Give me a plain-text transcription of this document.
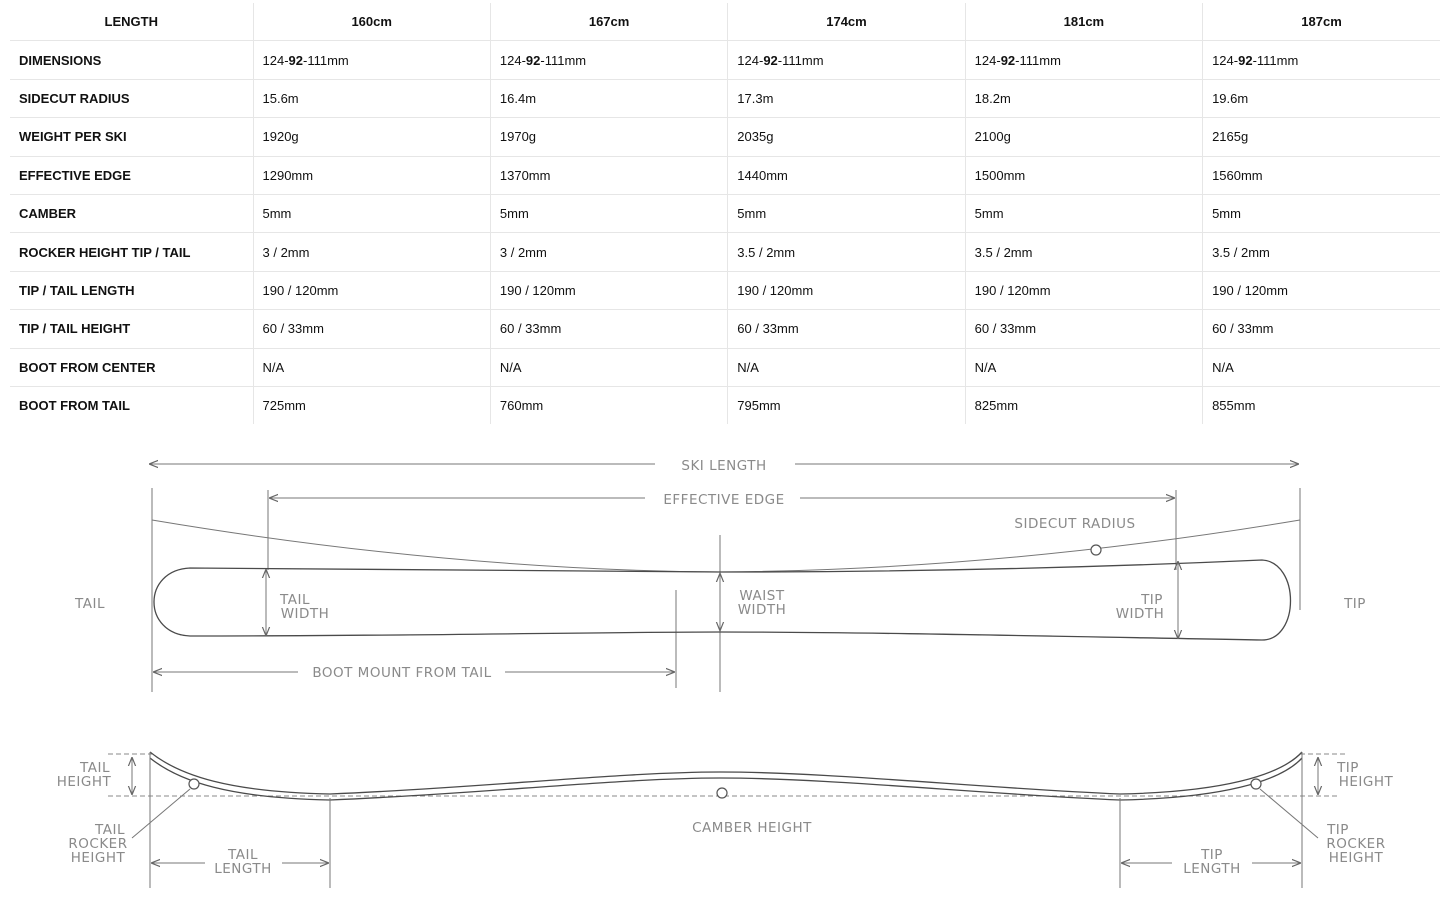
LENGTH	160cm	167cm	174cm	181cm	187cm
DIMENSIONS	124-92-111mm	124-92-111mm	124-92-111mm	124-92-111mm	124-92-111mm
SIDECUT RADIUS	15.6m	16.4m	17.3m	18.2m	19.6m
WEIGHT PER SKI	1920g	1970g	2035g	2100g	2165g
EFFECTIVE EDGE	1290mm	1370mm	1440mm	1500mm	1560mm
CAMBER	5mm	5mm	5mm	5mm	5mm
ROCKER HEIGHT TIP / TAIL	3 / 2mm	3 / 2mm	3.5 / 2mm	3.5 / 2mm	3.5 / 2mm
TIP / TAIL LENGTH	190 / 120mm	190 / 120mm	190 / 120mm	190 / 120mm	190 / 120mm
TIP / TAIL HEIGHT	60 / 33mm	60 / 33mm	60 / 33mm	60 / 33mm	60 / 33mm
BOOT FROM CENTER	N/A	N/A	N/A	N/A	N/A
BOOT FROM TAIL	725mm	760mm	795mm	825mm	855mm
SKI LENGTH
EFFECTIVE EDGE
SIDECUT RADIUS
TAIL
WIDTH
WAIST
WIDTH
TIP
WIDTH
TAIL	TIP
BOOT MOUNT FROM TAIL
TAIL
HEIGHT
TIP
HEIGHT
TAIL
ROCKER
HEIGHT
TIP
ROCKER
HEIGHT
CAMBER HEIGHT
TAIL
LENGTH
TIP
LENGTH
